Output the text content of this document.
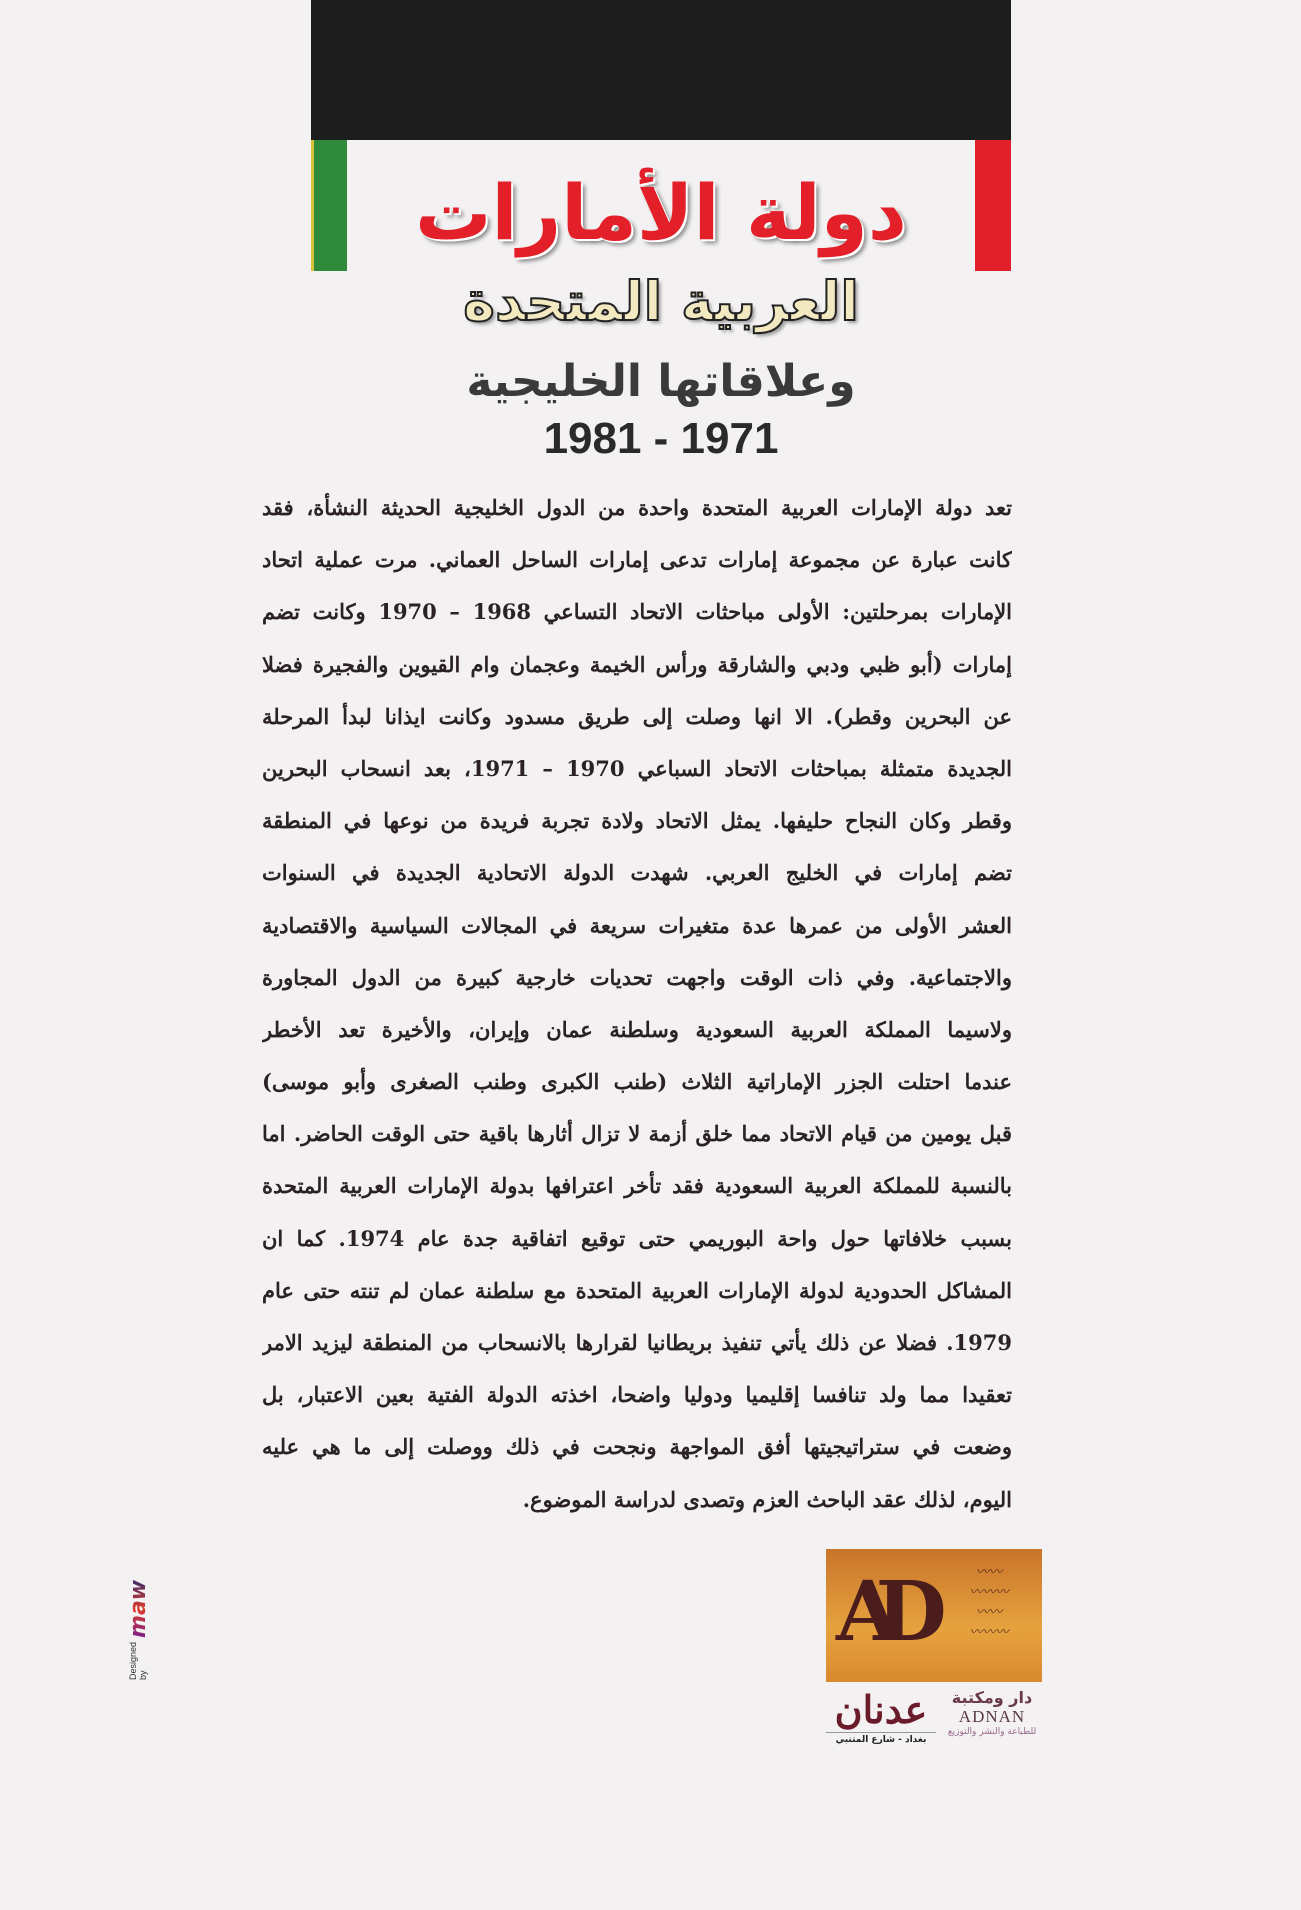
دولة الأمارات
العربية المتحدة
وعلاقاتها الخليجية
1981 - 1971
تعد دولة الإمارات العربية المتحدة واحدة من الدول الخليجية الحديثة النشأة، فقد
كانت عبارة عن مجموعة إمارات تدعى إمارات الساحل العماني. مرت عملية اتحاد
الإمارات بمرحلتين: الأولى مباحثات الاتحاد التساعي 1968 – 1970 وكانت تضم
إمارات (أبو ظبي ودبي والشارقة ورأس الخيمة وعجمان وام القيوين والفجيرة فضلا
عن البحرين وقطر). الا انها وصلت إلى طريق مسدود وكانت ايذانا لبدأ المرحلة
الجديدة متمثلة بمباحثات الاتحاد السباعي 1970 – 1971، بعد انسحاب البحرين
وقطر وكان النجاح حليفها. يمثل الاتحاد ولادة تجربة فريدة من نوعها في المنطقة
تضم إمارات في الخليج العربي. شهدت الدولة الاتحادية الجديدة في السنوات
العشر الأولى من عمرها عدة متغيرات سريعة في المجالات السياسية والاقتصادية
والاجتماعية. وفي ذات الوقت واجهت تحديات خارجية كبيرة من الدول المجاورة
ولاسيما المملكة العربية السعودية وسلطنة عمان وإيران، والأخيرة تعد الأخطر
عندما احتلت الجزر الإماراتية الثلاث (طنب الكبرى وطنب الصغرى وأبو موسى)
قبل يومين من قيام الاتحاد مما خلق أزمة لا تزال أثارها باقية حتى الوقت الحاضر. اما
بالنسبة للمملكة العربية السعودية فقد تأخر اعترافها بدولة الإمارات العربية المتحدة
بسبب خلافاتها حول واحة البوريمي حتى توقيع اتفاقية جدة عام 1974. كما ان
المشاكل الحدودية لدولة الإمارات العربية المتحدة مع سلطنة عمان لم تنته حتى عام
1979. فضلا عن ذلك يأتي تنفيذ بريطانيا لقرارها بالانسحاب من المنطقة ليزيد الامر
تعقيدا مما ولد تنافسا إقليميا ودوليا واضحا، اخذته الدولة الفتية بعين الاعتبار، بل
وضعت في ستراتيجيتها أفق المواجهة ونجحت في ذلك ووصلت إلى ما هي عليه
اليوم، لذلك عقد الباحث العزم وتصدى لدراسة الموضوع.
AD	〰〰
〰〰〰
〰〰
〰〰〰
دار ومكتبة
ADNAN
للطباعة والنشر والتوزيع
عدنان
بغداد - شارع المتنبي
Designed by
maw
